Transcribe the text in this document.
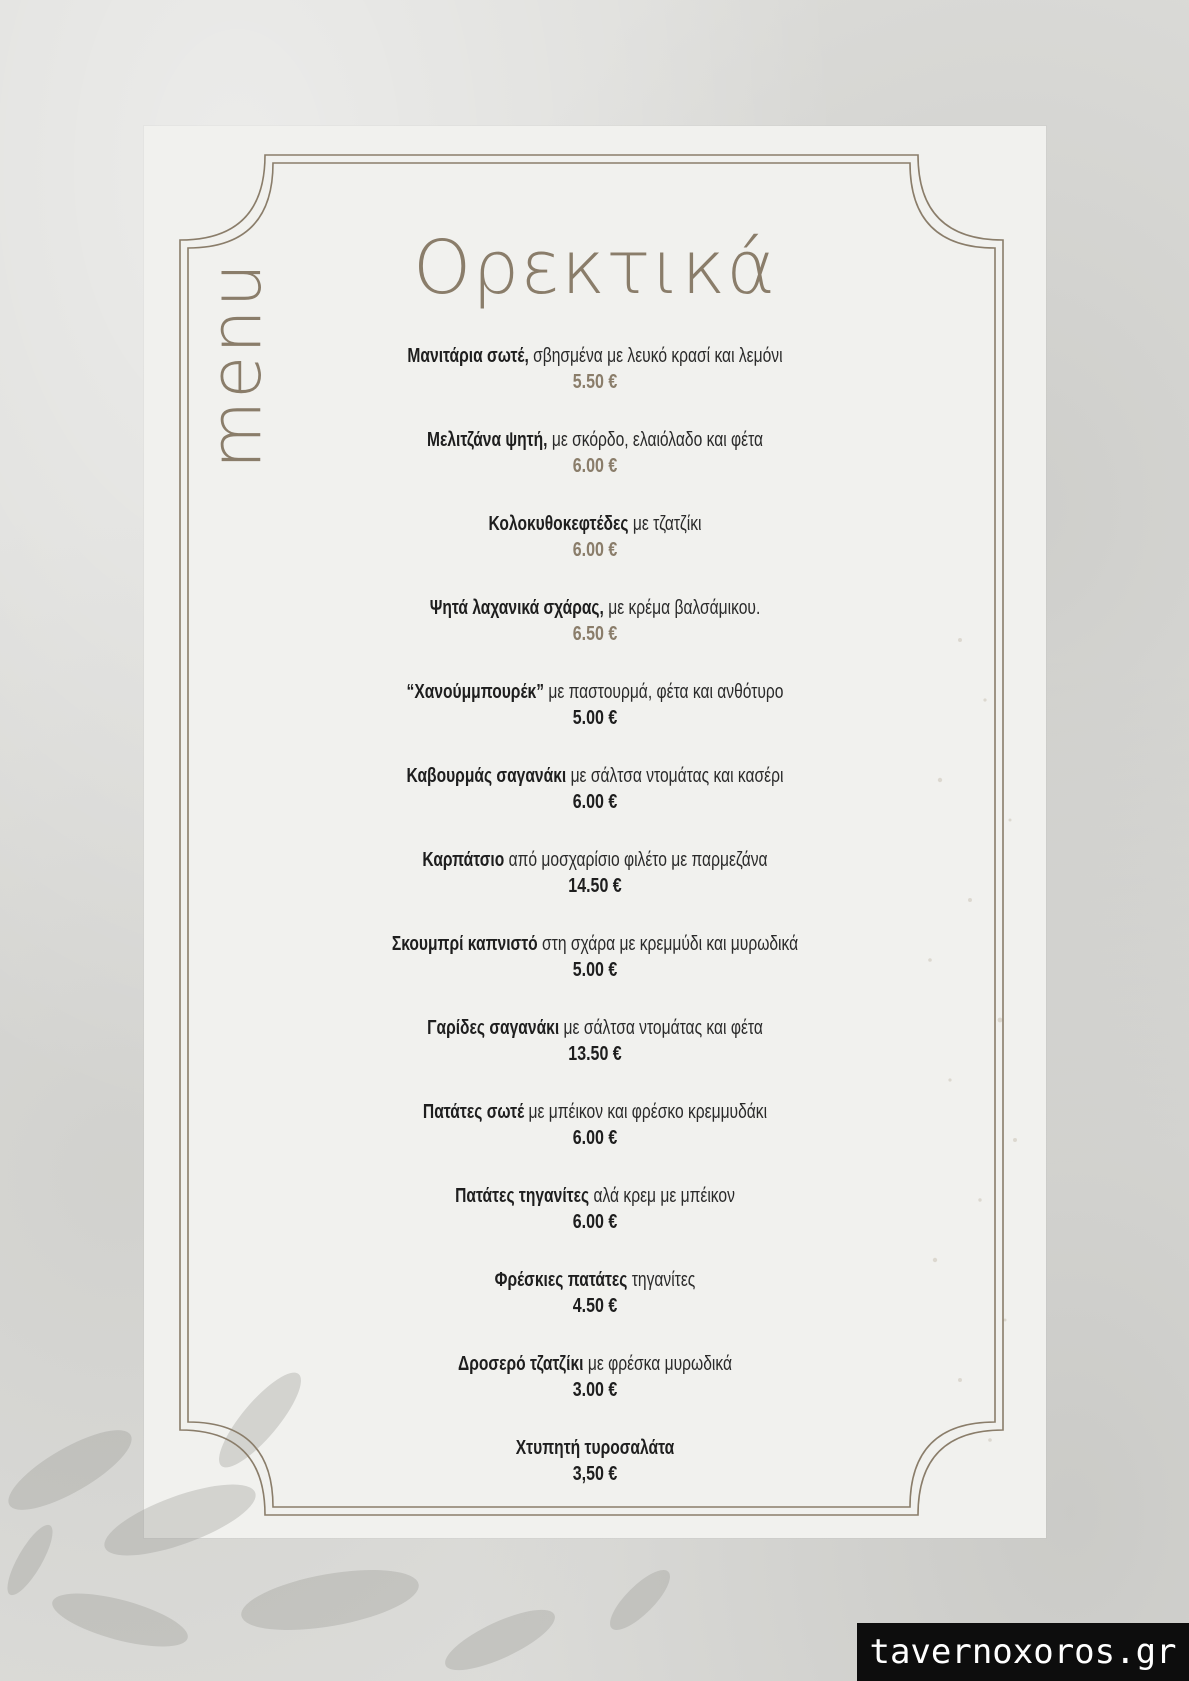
menu	Ορεκτικά
Μανιτάρια σωτέ, σβησμένα με λευκό κρασί και λεμόνι
5.50 €
Μελιτζάνα ψητή, με σκόρδο, ελαιόλαδο και φέτα
6.00 €
Κολοκυθοκεφτέδες με τζατζίκι
6.00 €
Ψητά λαχανικά σχάρας, με κρέμα βαλσάμικου.
6.50 €
“Χανούμμπουρέκ” με παστουρμά, φέτα και ανθότυρο
5.00 €
Καβουρμάς σαγανάκι με σάλτσα ντομάτας και κασέρι
6.00 €
Καρπάτσιο από μοσχαρίσιο φιλέτο με παρμεζάνα
14.50 €
Σκουμπρί καπνιστό στη σχάρα με κρεμμύδι και μυρωδικά
5.00 €
Γαρίδες σαγανάκι με σάλτσα ντομάτας και φέτα
13.50 €
Πατάτες σωτέ με μπέικον και φρέσκο κρεμμυδάκι
6.00 €
Πατάτες τηγανίτες αλά κρεμ με μπέικον
6.00 €
Φρέσκιες πατάτες τηγανίτες
4.50 €
Δροσερό τζατζίκι με φρέσκα μυρωδικά
3.00 €
Χτυπητή τυροσαλάτα
3,50 €
tavernoxoros.gr
